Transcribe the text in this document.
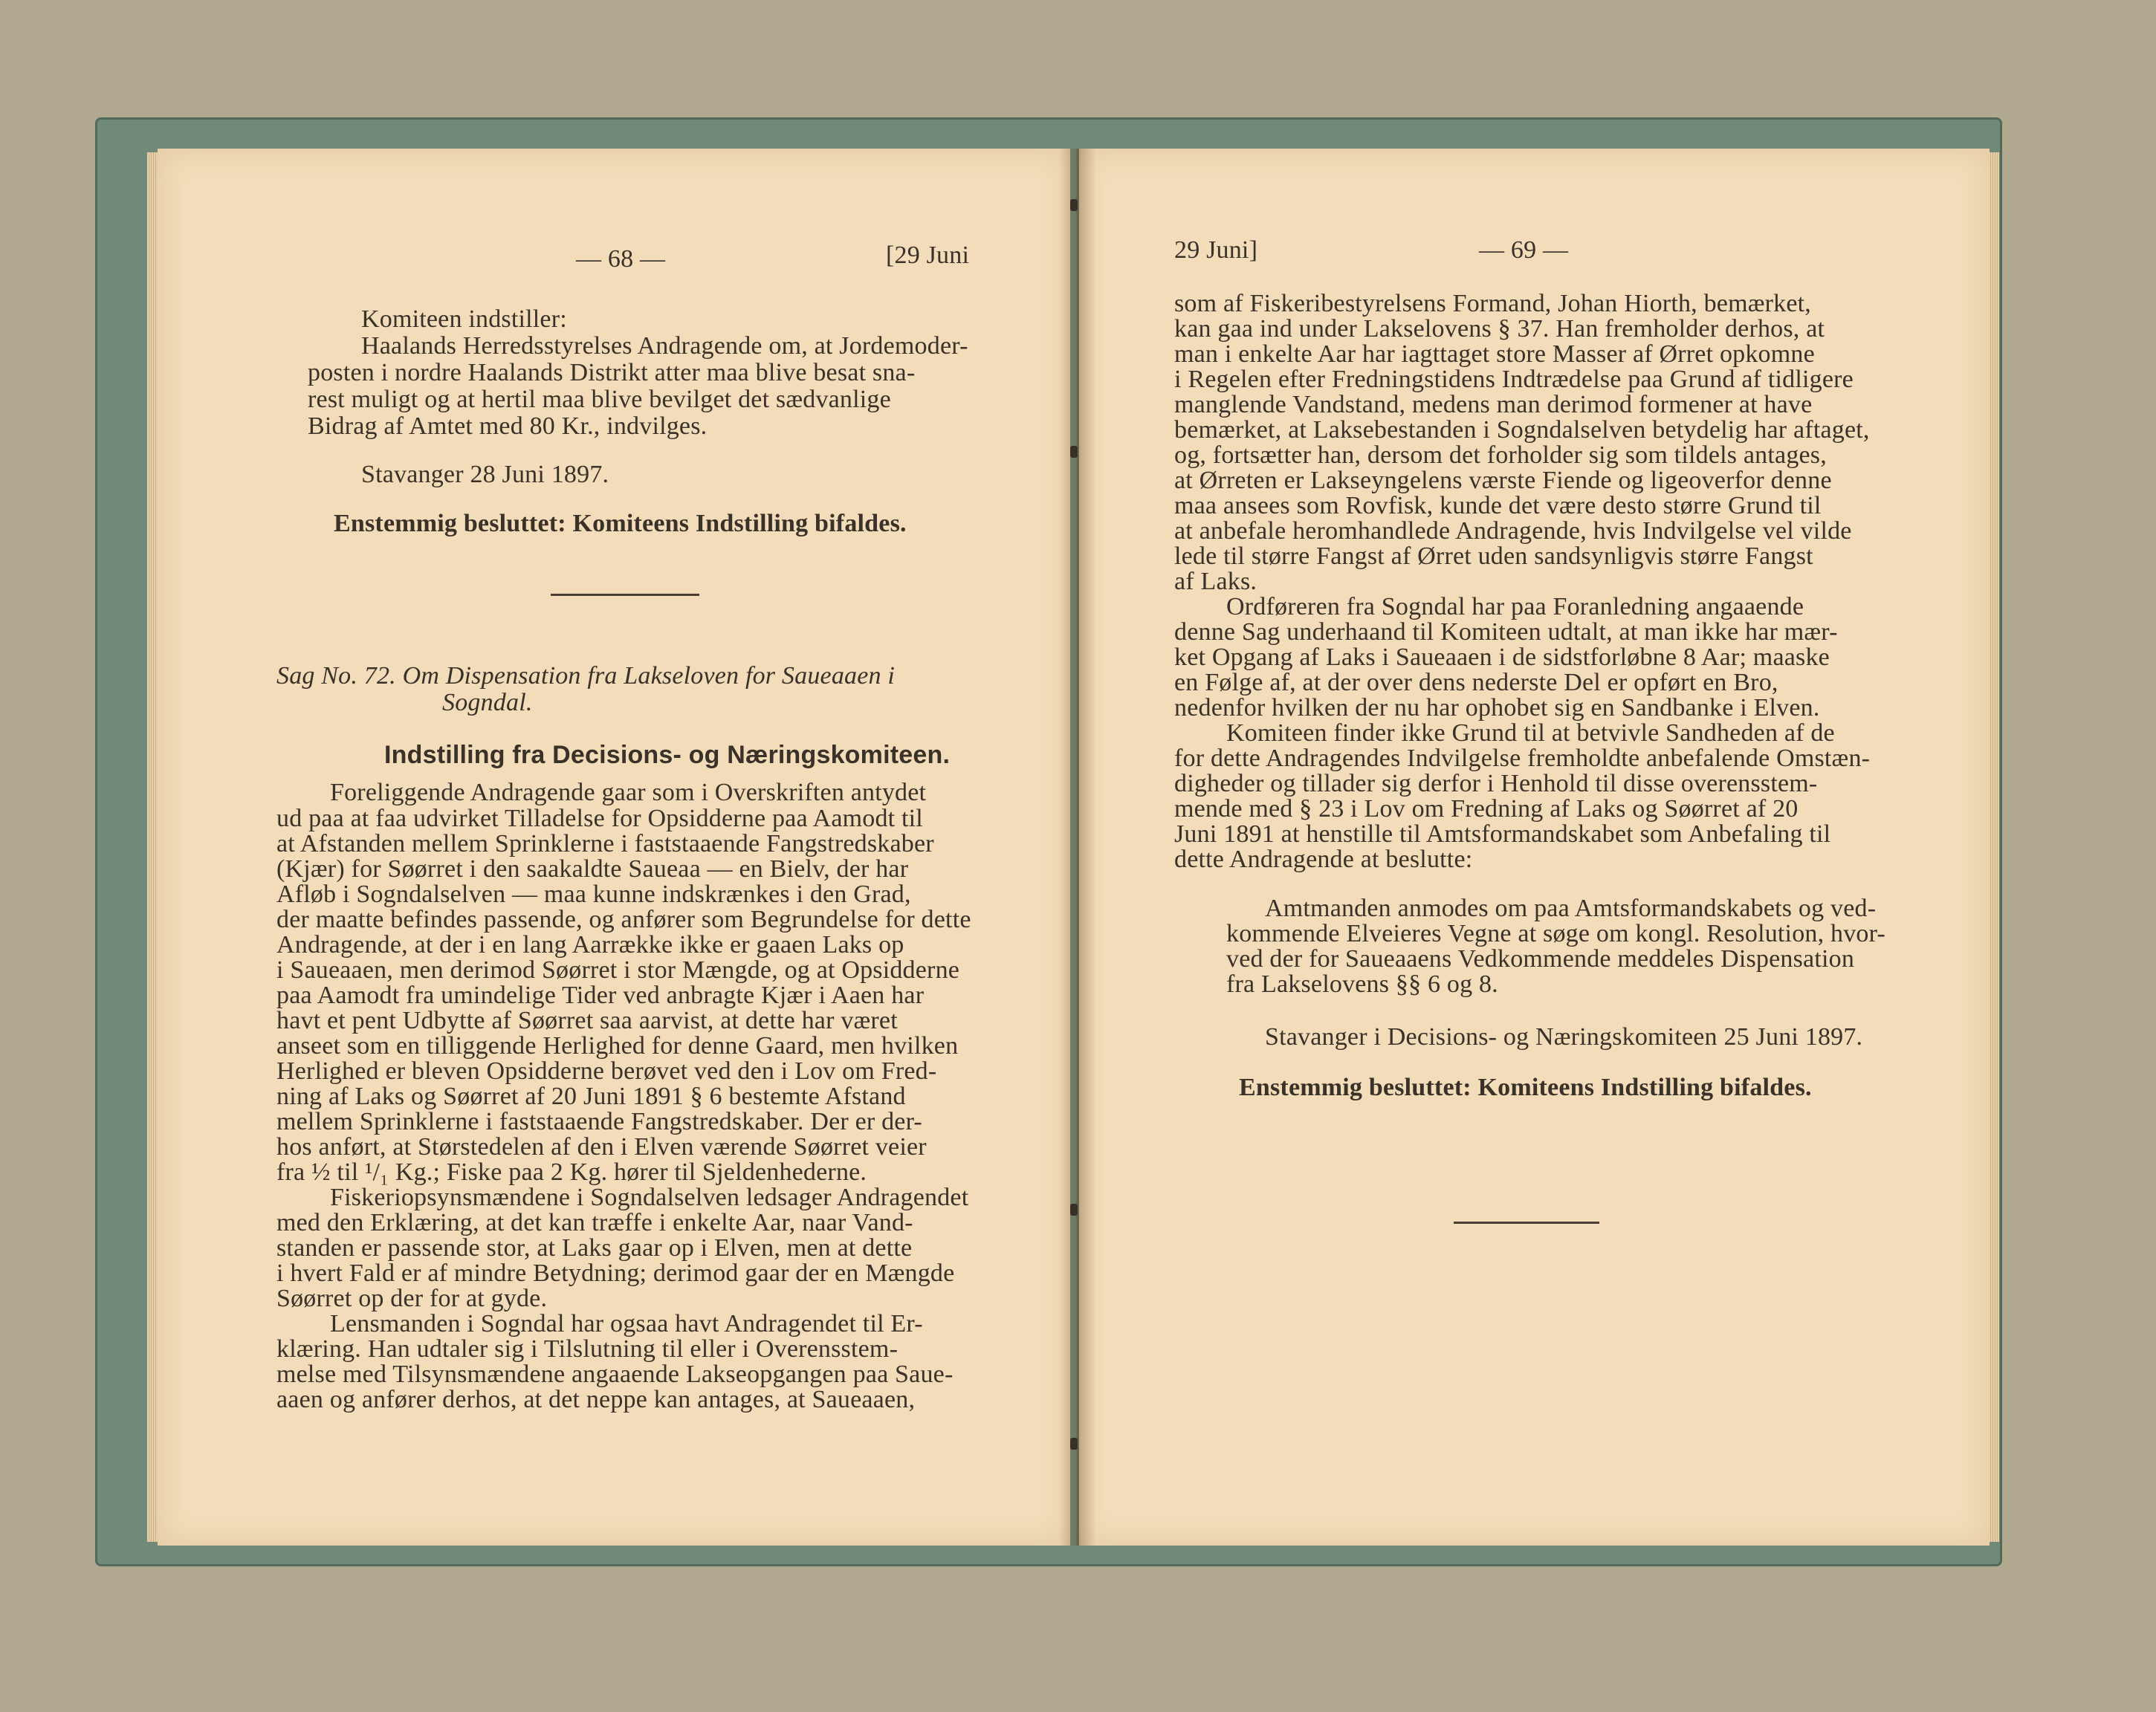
— 68 —	[29 Juni
Komiteen indstiller:
Haalands Herredsstyrelses Andragende om, at Jordemoder-
posten i nordre Haalands Distrikt atter maa blive besat sna-
rest muligt og at hertil maa blive bevilget det sædvanlige
Bidrag af Amtet med 80 Kr., indvilges.
Stavanger 28 Juni 1897.
Enstemmig besluttet: Komiteens Indstilling bifaldes.
Sag No. 72. Om Dispensation fra Lakseloven for Saueaaen i
Sogndal.
Indstilling fra Decisions- og Næringskomiteen.
Foreliggende Andragende gaar som i Overskriften antydet
ud paa at faa udvirket Tilladelse for Opsidderne paa Aamodt til
at Afstanden mellem Sprinklerne i faststaaende Fangstredskaber
(Kjær) for Søørret i den saakaldte Saueaa — en Bielv, der har
Afløb i Sogndalselven — maa kunne indskrænkes i den Grad,
der maatte befindes passende, og anfører som Begrundelse for dette
Andragende, at der i en lang Aarrække ikke er gaaen Laks op
i Saueaaen, men derimod Søørret i stor Mængde, og at Opsidderne
paa Aamodt fra umindelige Tider ved anbragte Kjær i Aaen har
havt et pent Udbytte af Søørret saa aarvist, at dette har været
anseet som en tilliggende Herlighed for denne Gaard, men hvilken
Herlighed er bleven Opsidderne berøvet ved den i Lov om Fred-
ning af Laks og Søørret af 20 Juni 1891 § 6 bestemte Afstand
mellem Sprinklerne i faststaaende Fangstredskaber. Der er der-
hos anført, at Størstedelen af den i Elven værende Søørret veier
fra ½ til ¹/₁ Kg.; Fiske paa 2 Kg. hører til Sjeldenhederne.
Fiskeriopsynsmændene i Sogndalselven ledsager Andragendet
med den Erklæring, at det kan træffe i enkelte Aar, naar Vand-
standen er passende stor, at Laks gaar op i Elven, men at dette
i hvert Fald er af mindre Betydning; derimod gaar der en Mængde
Søørret op der for at gyde.
Lensmanden i Sogndal har ogsaa havt Andragendet til Er-
klæring. Han udtaler sig i Tilslutning til eller i Overensstem-
melse med Tilsynsmændene angaaende Lakseopgangen paa Saue-
aaen og anfører derhos, at det neppe kan antages, at Saueaaen,
29 Juni]	— 69 —
som af Fiskeribestyrelsens Formand, Johan Hiorth, bemærket,
kan gaa ind under Lakselovens § 37. Han fremholder derhos, at
man i enkelte Aar har iagttaget store Masser af Ørret opkomne
i Regelen efter Fredningstidens Indtrædelse paa Grund af tidligere
manglende Vandstand, medens man derimod formener at have
bemærket, at Laksebestanden i Sogndalselven betydelig har aftaget,
og, fortsætter han, dersom det forholder sig som tildels antages,
at Ørreten er Lakseyngelens værste Fiende og ligeoverfor denne
maa ansees som Rovfisk, kunde det være desto større Grund til
at anbefale heromhandlede Andragende, hvis Indvilgelse vel vilde
lede til større Fangst af Ørret uden sandsynligvis større Fangst
af Laks.
Ordføreren fra Sogndal har paa Foranledning angaaende
denne Sag underhaand til Komiteen udtalt, at man ikke har mær-
ket Opgang af Laks i Saueaaen i de sidstforløbne 8 Aar; maaske
en Følge af, at der over dens nederste Del er opført en Bro,
nedenfor hvilken der nu har ophobet sig en Sandbanke i Elven.
Komiteen finder ikke Grund til at betvivle Sandheden af de
for dette Andragendes Indvilgelse fremholdte anbefalende Omstæn-
digheder og tillader sig derfor i Henhold til disse overensstem-
mende med § 23 i Lov om Fredning af Laks og Søørret af 20
Juni 1891 at henstille til Amtsformandskabet som Anbefaling til
dette Andragende at beslutte:
Amtmanden anmodes om paa Amtsformandskabets og ved-
kommende Elveieres Vegne at søge om kongl. Resolution, hvor-
ved der for Saueaaens Vedkommende meddeles Dispensation
fra Lakselovens §§ 6 og 8.
Stavanger i Decisions- og Næringskomiteen 25 Juni 1897.
Enstemmig besluttet: Komiteens Indstilling bifaldes.
